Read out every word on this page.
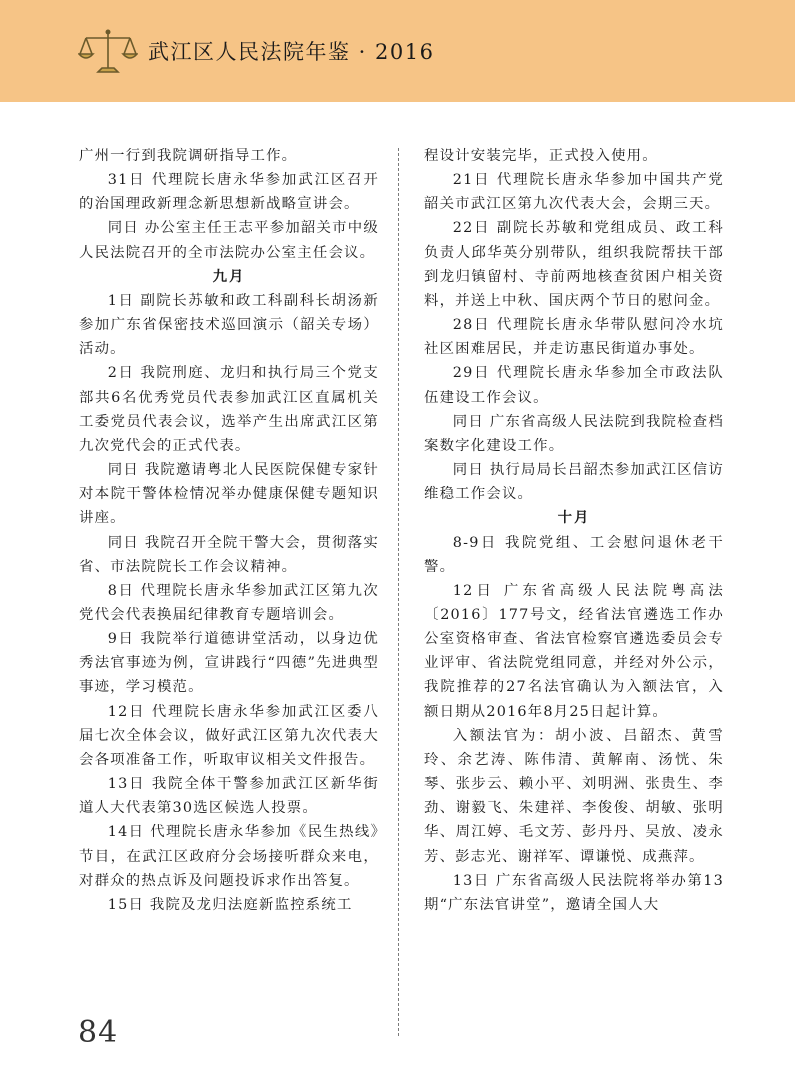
武江区人民法院年鉴 · 2016

广州一行到我院调研指导工作。

31日 代理院长唐永华参加武江区召开的治国理政新理念新思想新战略宣讲会。

同日 办公室主任王志平参加韶关市中级人民法院召开的全市法院办公室主任会议。

九月

1日 副院长苏敏和政工科副科长胡汤新参加广东省保密技术巡回演示（韶关专场）活动。

2日 我院刑庭、龙归和执行局三个党支部共6名优秀党员代表参加武江区直属机关工委党员代表会议，选举产生出席武江区第九次党代会的正式代表。

同日 我院邀请粤北人民医院保健专家针对本院干警体检情况举办健康保健专题知识讲座。

同日 我院召开全院干警大会，贯彻落实省、市法院院长工作会议精神。

8日 代理院长唐永华参加武江区第九次党代会代表换届纪律教育专题培训会。

9日 我院举行道德讲堂活动，以身边优秀法官事迹为例，宣讲践行“四德”先进典型事迹，学习模范。

12日 代理院长唐永华参加武江区委八届七次全体会议，做好武江区第九次代表大会各项准备工作，听取审议相关文件报告。

13日 我院全体干警参加武江区新华街道人大代表第30选区候选人投票。

14日 代理院长唐永华参加《民生热线》节目，在武江区政府分会场接听群众来电，对群众的热点诉及问题投诉求作出答复。

15日 我院及龙归法庭新监控系统工

程设计安装完毕，正式投入使用。

21日 代理院长唐永华参加中国共产党韶关市武江区第九次代表大会，会期三天。

22日 副院长苏敏和党组成员、政工科负责人邱华英分别带队，组织我院帮扶干部到龙归镇留村、寺前两地核查贫困户相关资料，并送上中秋、国庆两个节日的慰问金。

28日 代理院长唐永华带队慰问冷水坑社区困难居民，并走访惠民街道办事处。

29日 代理院长唐永华参加全市政法队伍建设工作会议。

同日 广东省高级人民法院到我院检查档案数字化建设工作。

同日 执行局局长吕韶杰参加武江区信访维稳工作会议。

十月

8-9日 我院党组、工会慰问退休老干警。

12日 广东省高级人民法院粤高法〔2016〕177号文，经省法官遴选工作办公室资格审查、省法官检察官遴选委员会专业评审、省法院党组同意，并经对外公示，我院推荐的27名法官确认为入额法官，入额日期从2016年8月25日起计算。

入额法官为：胡小波、吕韶杰、黄雪玲、余艺涛、陈伟清、黄解南、汤恍、朱琴、张步云、赖小平、刘明洲、张贵生、李劲、谢毅飞、朱建祥、李俊俊、胡敏、张明华、周江婷、毛文芳、彭丹丹、吴放、凌永芳、彭志光、谢祥军、谭谦悦、成燕萍。

13日 广东省高级人民法院将举办第13期“广东法官讲堂”，邀请全国人大

84
